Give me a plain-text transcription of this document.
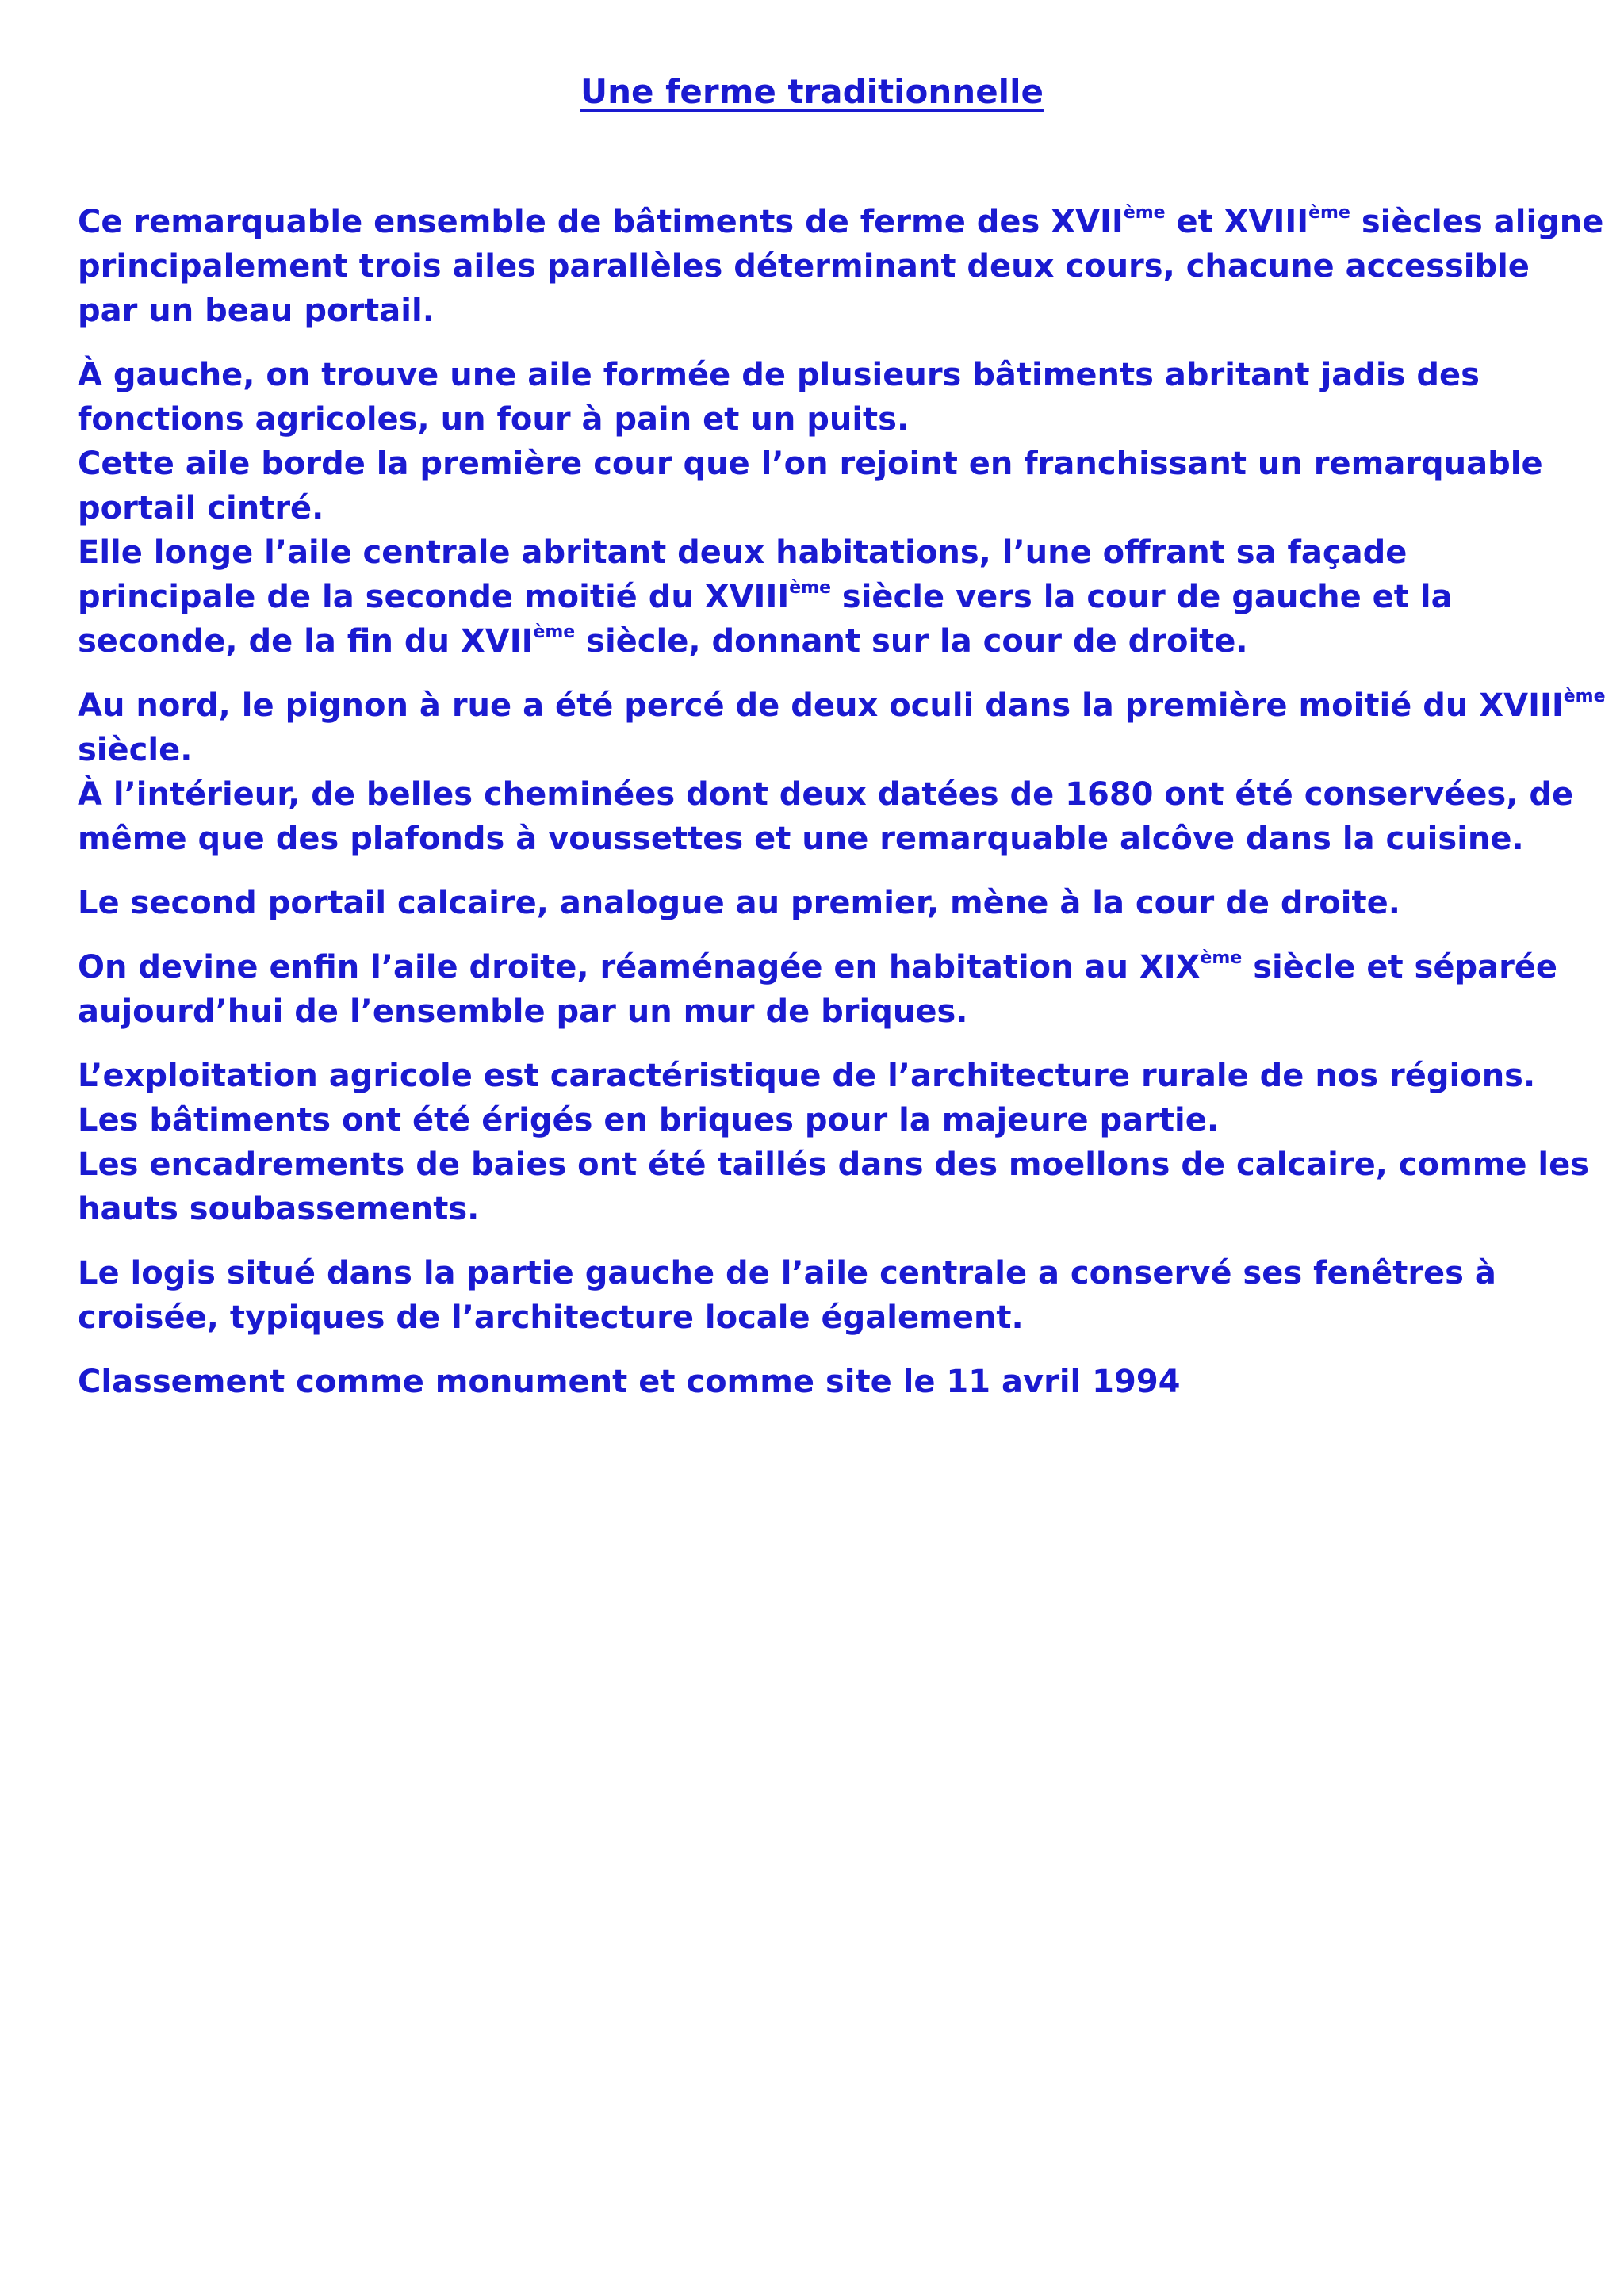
Une ferme traditionnelle

Ce remarquable ensemble de bâtiments de ferme des XVIIème et XVIIIème siècles aligne
principalement trois ailes parallèles déterminant deux cours, chacune accessible
par un beau portail.

À gauche, on trouve une aile formée de plusieurs bâtiments abritant jadis des
fonctions agricoles, un four à pain et un puits.
Cette aile borde la première cour que l’on rejoint en franchissant un remarquable
portail cintré.
Elle longe l’aile centrale abritant deux habitations, l’une offrant sa façade
principale de la seconde moitié du XVIIIème siècle vers la cour de gauche et la
seconde, de la fin du XVIIème siècle, donnant sur la cour de droite.

Au nord, le pignon à rue a été percé de deux oculi dans la première moitié du XVIIIème
siècle.
À l’intérieur, de belles cheminées dont deux datées de 1680 ont été conservées, de
même que des plafonds à voussettes et une remarquable alcôve dans la cuisine.

Le second portail calcaire, analogue au premier, mène à la cour de droite.

On devine enfin l’aile droite, réaménagée en habitation au XIXème siècle et séparée
aujourd’hui de l’ensemble par un mur de briques.

L’exploitation agricole est caractéristique de l’architecture rurale de nos régions.
Les bâtiments ont été érigés en briques pour la majeure partie.
Les encadrements de baies ont été taillés dans des moellons de calcaire, comme les
hauts soubassements.

Le logis situé dans la partie gauche de l’aile centrale a conservé ses fenêtres à
croisée, typiques de l’architecture locale également.

Classement comme monument et comme site le 11 avril 1994
